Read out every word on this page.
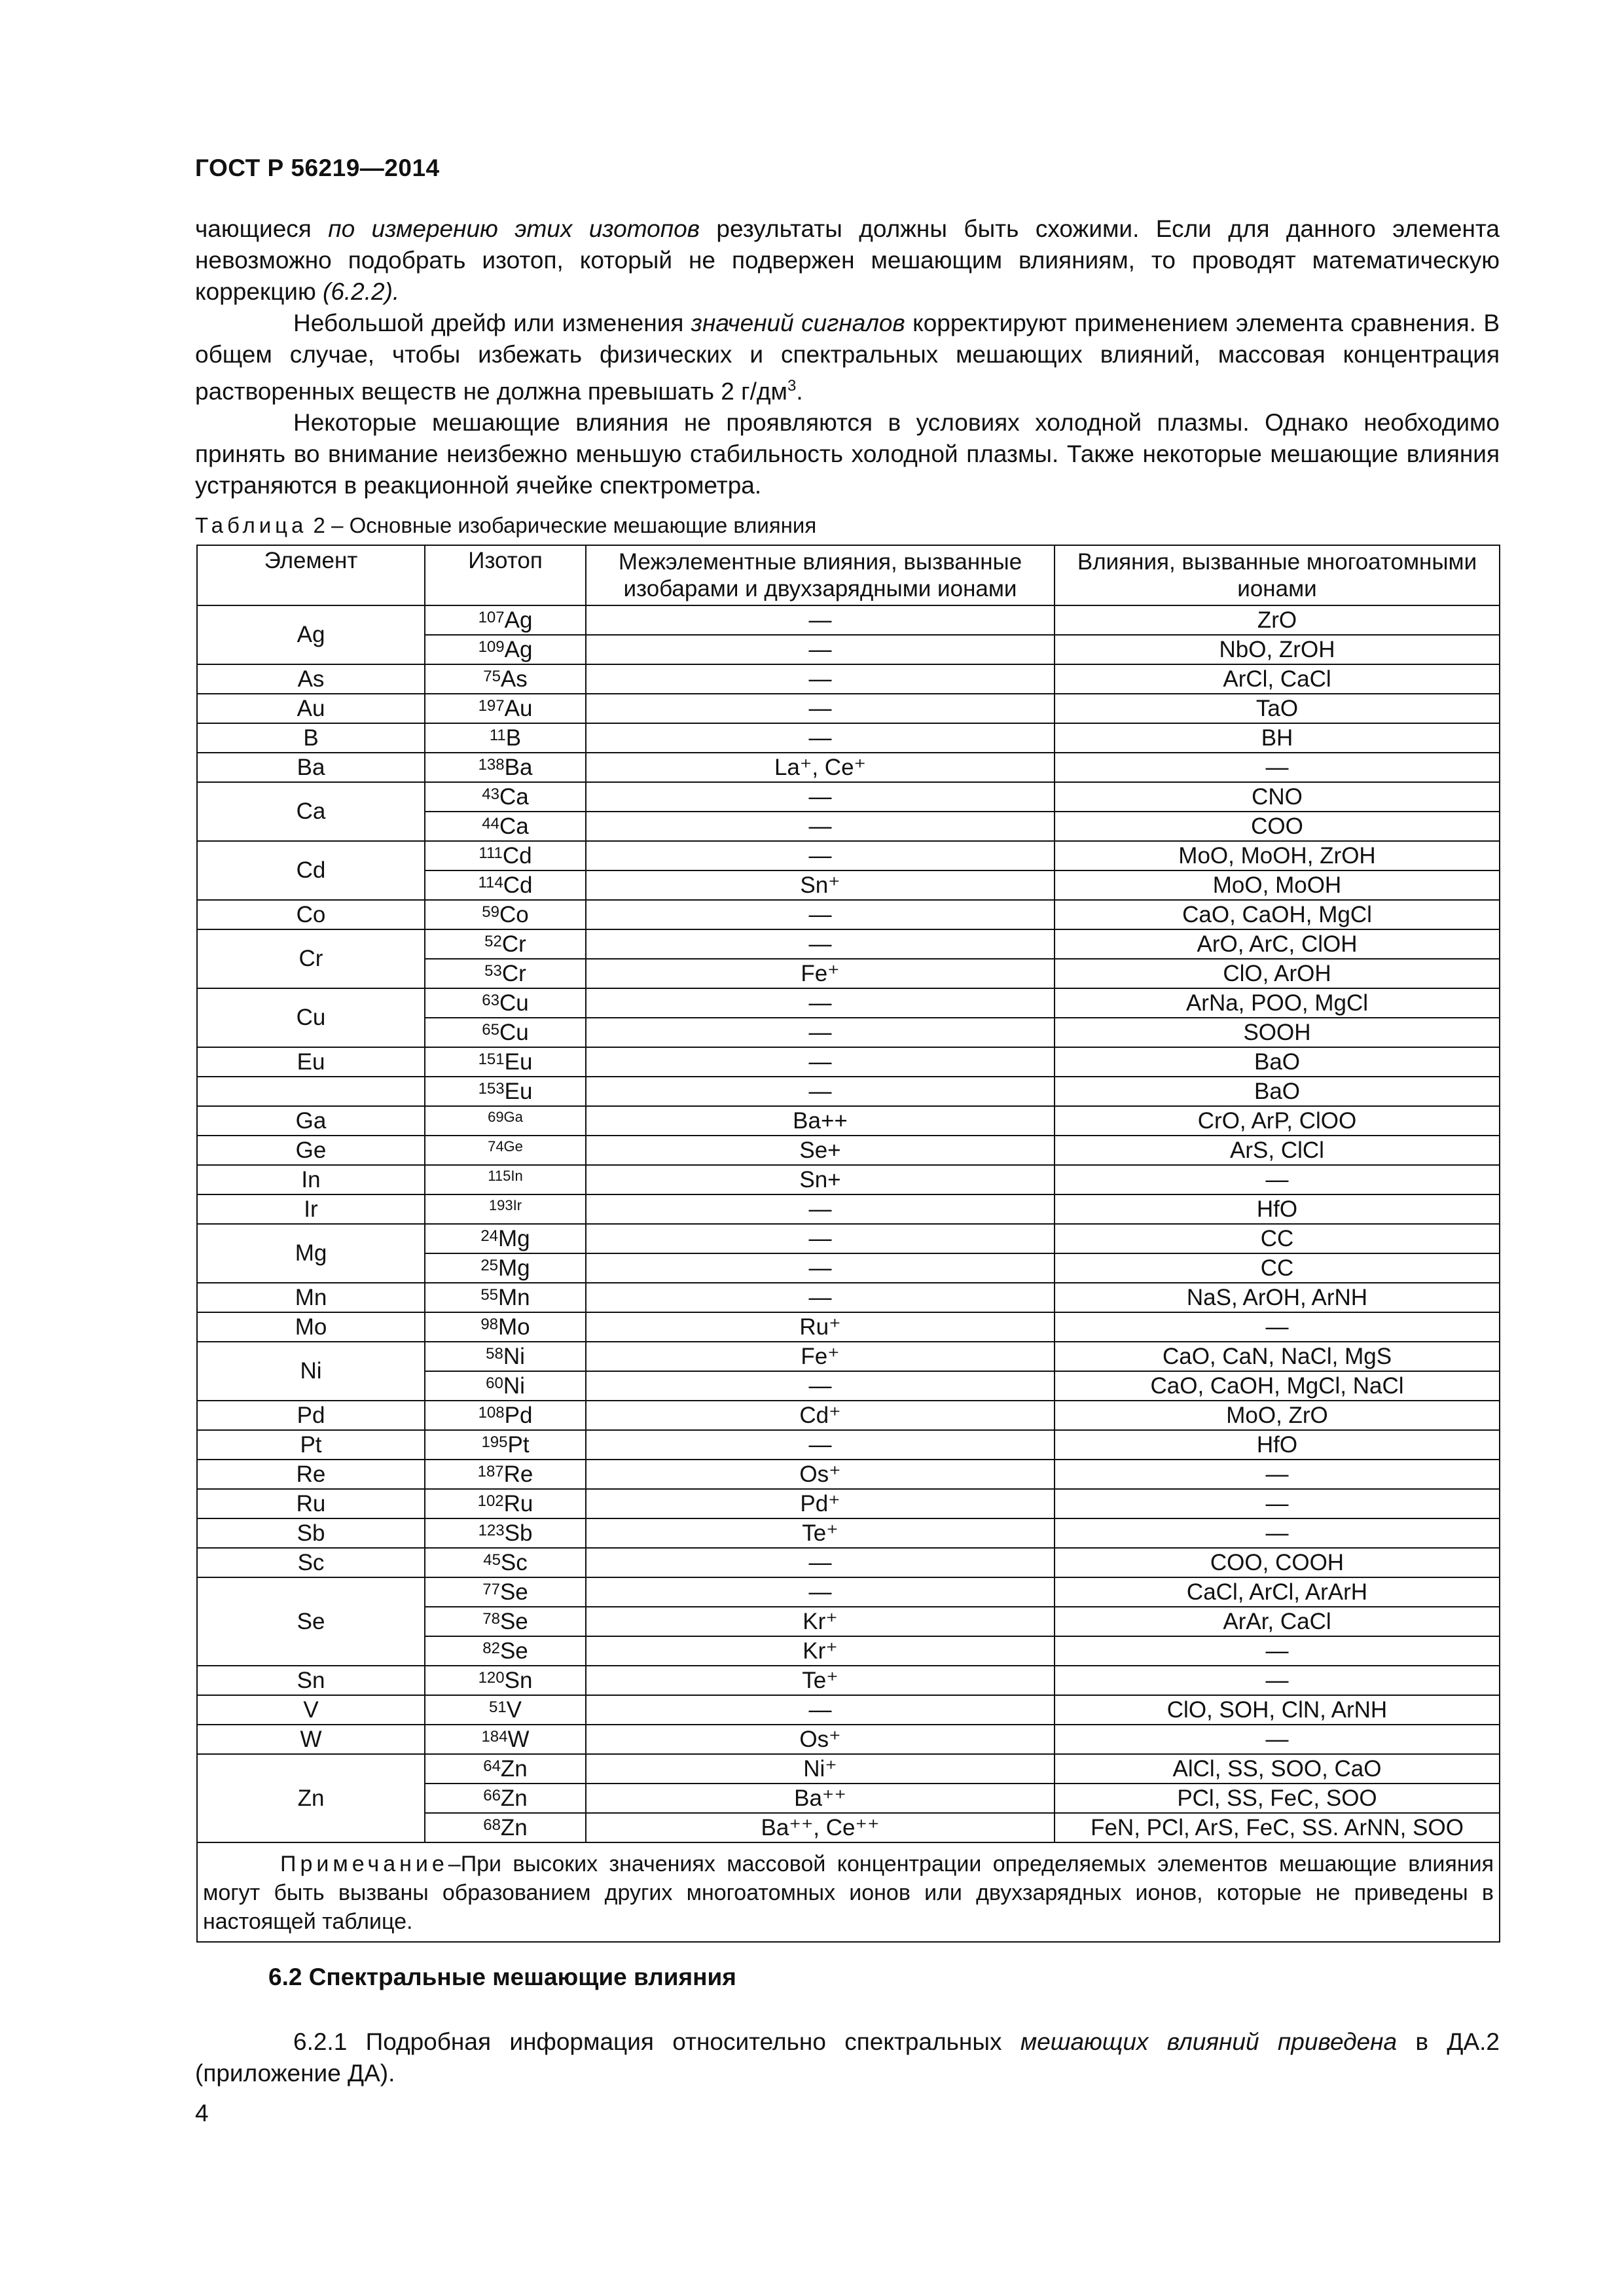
ГОСТ Р 56219—2014

чающиеся по измерению этих изотопов результаты должны быть схожими. Если для данного элемента невозможно подобрать изотоп, который не подвержен мешающим влияниям, то проводят математическую коррекцию (6.2.2).

Небольшой дрейф или изменения значений сигналов корректируют применением элемента сравнения. В общем случае, чтобы избежать физических и спектральных мешающих влияний, массовая концентрация растворенных веществ не должна превышать 2 $г/дм^3$.

Некоторые мешающие влияния не проявляются в условиях холодной плазмы. Однако необходимо принять во внимание неизбежно меньшую стабильность холодной плазмы. Также некоторые мешающие влияния устраняются в реакционной ячейке спектрометра.

Таблица 2 – Основные изобарические мешающие влияния
Элемент	Изотоп	Межэлементные влияния, вызванные изобарами и двухзарядными ионами	Влияния, вызванные многоатомными ионами
Ag	$^{107}$Ag	—	ZrO
	$^{109}$Ag	—	NbO, ZrOH
As	$^{75}$As	—	ArCl, CaCl
Au	$^{197}$Au	—	TaO
B	$^{11}$B	—	BH
Ba	$^{138}$Ba	La⁺, Ce⁺	—
Ca	$^{43}$Ca	—	CNO
	$^{44}$Ca	—	COO
Cd	$^{111}$Cd	—	MoO, MoOH, ZrOH
	$^{114}$Cd	Sn⁺	MoO, MoOH
Co	$^{59}$Co	—	CaO, CaOH, MgCl
Cr	$^{52}$Cr	—	ArO, ArC, ClOH
	$^{53}$Cr	Fe⁺	ClO, ArOH
Cu	$^{63}$Cu	—	ArNa, POO, MgCl
	$^{65}$Cu	—	SOOH
Eu	$^{151}$Eu	—	BaO
	$^{153}$Eu	—	BaO
Ga	$^{69Ga}$	Ba++	CrO, ArP, ClOO
Ge	$^{74Ge}$	Se+	ArS, ClCl
In	$^{115In}$	Sn+	—
Ir	$^{193Ir}$	—	HfO
Mg	$^{24}$Mg	—	CC
	$^{25}$Mg	—	CC
Mn	$^{55}$Mn	—	NaS, ArOH, ArNH
Mo	$^{98}$Mo	Ru⁺	—
Ni	$^{58}$Ni	Fe⁺	CaO, CaN, NaCl, MgS
	$^{60}$Ni	—	CaO, CaOH, MgCl, NaCl
Pd	$^{108}$Pd	Cd⁺	MoO, ZrO
Pt	$^{195}$Pt	—	HfO
Re	$^{187}$Re	Os⁺	—
Ru	$^{102}$Ru	Pd⁺	—
Sb	$^{123}$Sb	Te⁺	—
Sc	$^{45}$Sc	—	COO, COOH
Se	$^{77}$Se	—	CaCl, ArCl, ArArH
	$^{78}$Se	Kr⁺	ArAr, CaCl
	$^{82}$Se	Kr⁺	—
Sn	$^{120}$Sn	Te⁺	—
V	$^{51}$V	—	ClO, SOH, ClN, ArNH
W	$^{184}$W	Os⁺	—
Zn	$^{64}$Zn	Ni⁺	AlCl, SS, SOO, CaO
	$^{66}$Zn	Ba⁺⁺	PCl, SS, FeC, SOO
	$^{68}$Zn	Ba⁺⁺, Ce⁺⁺	FeN, PCl, ArS, FeC, SS. ArNN, SOO
Примечание–При высоких значениях массовой концентрации определяемых элементов мешающие влияния могут быть вызваны образованием других многоатомных ионов или двухзарядных ионов, которые не приведены в настоящей таблице.			
6.2 Спектральные мешающие влияния

6.2.1 Подробная информация относительно спектральных мешающих влияний приведена в ДА.2 (приложение ДА).

4
